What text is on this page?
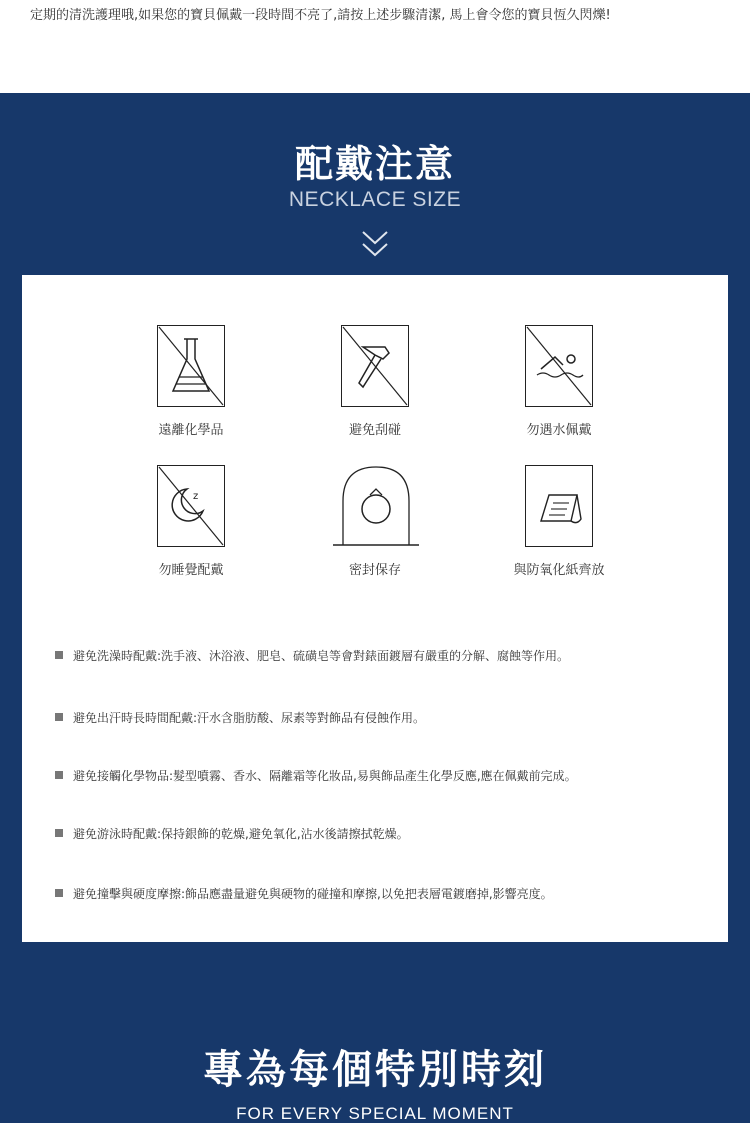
定期的清洗護理哦,如果您的寶貝佩戴一段時間不亮了,請按上述步驟清潔, 馬上會令您的寶貝恆久閃爍!

配戴注意
NECKLACE SIZE
遠離化學品	避免刮碰	勿遇水佩戴
z
勿睡覺配戴	密封保存	與防氧化紙齊放
避免洗澡時配戴:洗手液、沐浴液、肥皂、硫磺皂等會對錶面鍍層有嚴重的分解、腐蝕等作用。
避免出汗時長時間配戴:汗水含脂肪酸、尿素等對飾品有侵蝕作用。
避免接觸化學物品:髮型噴霧、香水、隔離霜等化妝品,易與飾品產生化學反應,應在佩戴前完成。
避免游泳時配戴:保持銀飾的乾燥,避免氧化,沾水後請擦拭乾燥。
避免撞擊與硬度摩擦:飾品應盡量避免與硬物的碰撞和摩擦,以免把表層電鍍磨掉,影響亮度。
專為每個特別時刻
FOR EVERY SPECIAL MOMENT
